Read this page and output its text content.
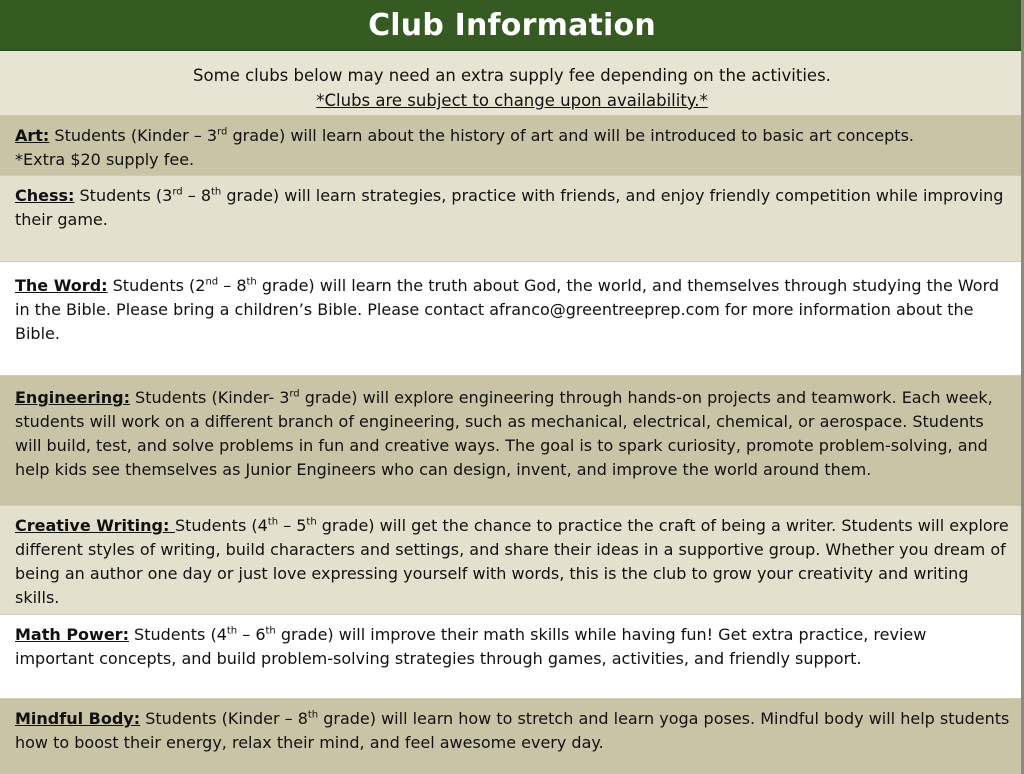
Club Information
Some clubs below may need an extra supply fee depending on the activities.
*Clubs are subject to change upon availability.*
Art: Students (Kinder – 3rd grade) will learn about the history of art and will be introduced to basic art concepts.
*Extra $20 supply fee.
Chess: Students (3rd – 8th grade) will learn strategies, practice with friends, and enjoy friendly competition while improving their game.
The Word: Students (2nd – 8th grade) will learn the truth about God, the world, and themselves through studying the Word in the Bible. Please bring a children’s Bible. Please contact afranco@greentreeprep.com for more information about the Bible.
Engineering: Students (Kinder- 3rd grade) will explore engineering through hands-on projects and teamwork. Each week, students will work on a different branch of engineering, such as mechanical, electrical, chemical, or aerospace. Students will build, test, and solve problems in fun and creative ways. The goal is to spark curiosity, promote problem-solving, and help kids see themselves as Junior Engineers who can design, invent, and improve the world around them.
Creative Writing: Students (4th – 5th grade) will get the chance to practice the craft of being a writer. Students will explore different styles of writing, build characters and settings, and share their ideas in a supportive group. Whether you dream of being an author one day or just love expressing yourself with words, this is the club to grow your creativity and writing skills.
Math Power: Students (4th – 6th grade) will improve their math skills while having fun! Get extra practice, review important concepts, and build problem-solving strategies through games, activities, and friendly support.
Mindful Body: Students (Kinder – 8th grade) will learn how to stretch and learn yoga poses. Mindful body will help students how to boost their energy, relax their mind, and feel awesome every day.
